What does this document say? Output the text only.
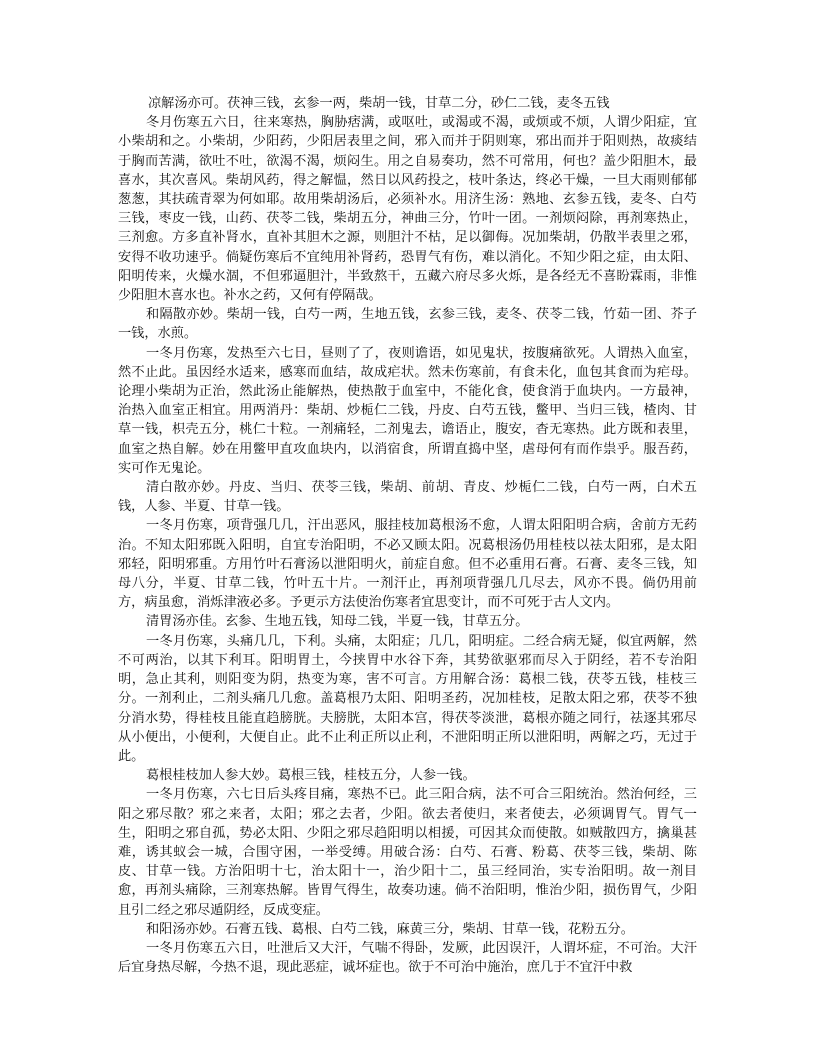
凉解汤亦可。茯神三钱，玄参一两，柴胡一钱，甘草二分，砂仁二钱，麦冬五钱

冬月伤寒五六日，往来寒热，胸胁痞满，或呕吐，或渴或不渴，或烦或不烦，人谓少阳症，宜小柴胡和之。小柴胡，少阳药，少阳居表里之间，邪入而并于阴则寒，邪出而并于阳则热，故痰结于胸而苦满，欲吐不吐，欲渴不渴，烦闷生。用之自易奏功，然不可常用，何也？盖少阳胆木，最喜水，其次喜风。柴胡风药，得之解愠，然日以风药投之，枝叶条达，终必干燥，一旦大雨则郁郁葱葱，其扶疏青翠为何如耶。故用柴胡汤后，必须补水。用济生汤：熟地、玄参五钱，麦冬、白芍三钱，枣皮一钱，山药、茯苓二钱，柴胡五分，神曲三分，竹叶一团。一剂烦闷除，再剂寒热止，三剂愈。方多直补肾水，直补其胆木之源，则胆汁不枯，足以御侮。况加柴胡，仍散半表里之邪，安得不收功速乎。倘疑伤寒后不宜纯用补肾药，恐胃气有伤，难以消化。不知少阳之症，由太阳、阳明传来，火燥水涸，不但邪逼胆汁，半致熬干，五藏六府尽多火烁，是各经无不喜盼霖雨，非惟少阳胆木喜水也。补水之药，又何有停隔哉。

和隔散亦妙。柴胡一钱，白芍一两，生地五钱，玄参三钱，麦冬、茯苓二钱，竹茹一团、芥子一钱，水煎。

一冬月伤寒，发热至六七日，昼则了了，夜则谵语，如见鬼状，按腹痛欲死。人谓热入血室，然不止此。虽因经水适来，感寒而血结，故成疟状。然未伤寒前，有食未化，血包其食而为疟母。论理小柴胡为正治，然此汤止能解热，使热散于血室中，不能化食，使食消于血块内。一方最神，治热入血室正相宜。用两消丹：柴胡、炒栀仁二钱，丹皮、白芍五钱，鳖甲、当归三钱，楂肉、甘草一钱，枳壳五分，桃仁十粒。一剂痛轻，二剂鬼去，谵语止，腹安，杳无寒热。此方既和表里，血室之热自解。妙在用鳖甲直攻血块内，以消宿食，所谓直捣中坚，虐母何有而作祟乎。服吾药，实可作无鬼论。

清白散亦妙。丹皮、当归、茯苓三钱，柴胡、前胡、青皮、炒栀仁二钱，白芍一两，白术五钱，人参、半夏、甘草一钱。

一冬月伤寒，项背强几几，汗出恶风，服挂枝加葛根汤不愈，人谓太阳阳明合病，舍前方无药治。不知太阳邪既入阳明，自宜专治阳明，不必又顾太阳。况葛根汤仍用桂枝以祛太阳邪，是太阳邪轻，阳明邪重。方用竹叶石膏汤以泄阳明火，前症自愈。但不必重用石膏。石膏、麦冬三钱，知母八分，半夏、甘草二钱，竹叶五十片。一剂汗止，再剂项背强几几尽去，风亦不畏。倘仍用前方，病虽愈，消烁津液必多。予更示方法使治伤寒者宜思变计，而不可死于古人文内。

清胃汤亦佳。玄参、生地五钱，知母二钱，半夏一钱，甘草五分。

一冬月伤寒，头痛几几，下利。头痛，太阳症；几几，阳明症。二经合病无疑，似宜两解，然不可两治，以其下利耳。阳明胃土，今挟胃中水谷下奔，其势欲驱邪而尽入于阴经，若不专治阳明，急止其利，则阳变为阴，热变为寒，害不可言。方用解合汤：葛根二钱，茯苓五钱，桂枝三分。一剂利止，二剂头痛几几愈。盖葛根乃太阳、阳明圣药，况加桂枝，足散太阳之邪，茯苓不独分消水势，得桂枝且能直趋膀胱。夫膀胱，太阳本宫，得茯苓淡泄，葛根亦随之同行，祛逐其邪尽从小便出，小便利，大便自止。此不止利正所以止利，不泄阳明正所以泄阳明，两解之巧，无过于此。

葛根桂枝加人参大妙。葛根三钱，桂枝五分，人参一钱。

一冬月伤寒，六七日后头疼目痛，寒热不已。此三阳合病，法不可合三阳统治。然治何经，三阳之邪尽散？邪之来者，太阳；邪之去者，少阳。欲去者使归，来者使去，必须调胃气。胃气一生，阳明之邪自孤，势必太阳、少阳之邪尽趋阳明以相援，可因其众而使散。如贼散四方，擒巢甚难，诱其蚁会一城，合围守困，一举受缚。用破合汤：白芍、石膏、粉葛、茯苓三钱，柴胡、陈皮、甘草一钱。方治阳明十七，治太阳十一，治少阳十二，虽三经同治，实专治阳明。故一剂目愈，再剂头痛除，三剂寒热解。皆胃气得生，故奏功速。倘不治阳明，惟治少阳，损伤胃气，少阳且引二经之邪尽遁阴经，反成变症。

和阳汤亦妙。石膏五钱、葛根、白芍二钱，麻黄三分，柴胡、甘草一钱，花粉五分。

一冬月伤寒五六日，吐泄后又大汗，气喘不得卧，发厥，此因误汗，人谓坏症，不可治。大汗后宜身热尽解，今热不退，现此恶症，诚坏症也。欲于不可治中施治，庶几于不宜汗中救
